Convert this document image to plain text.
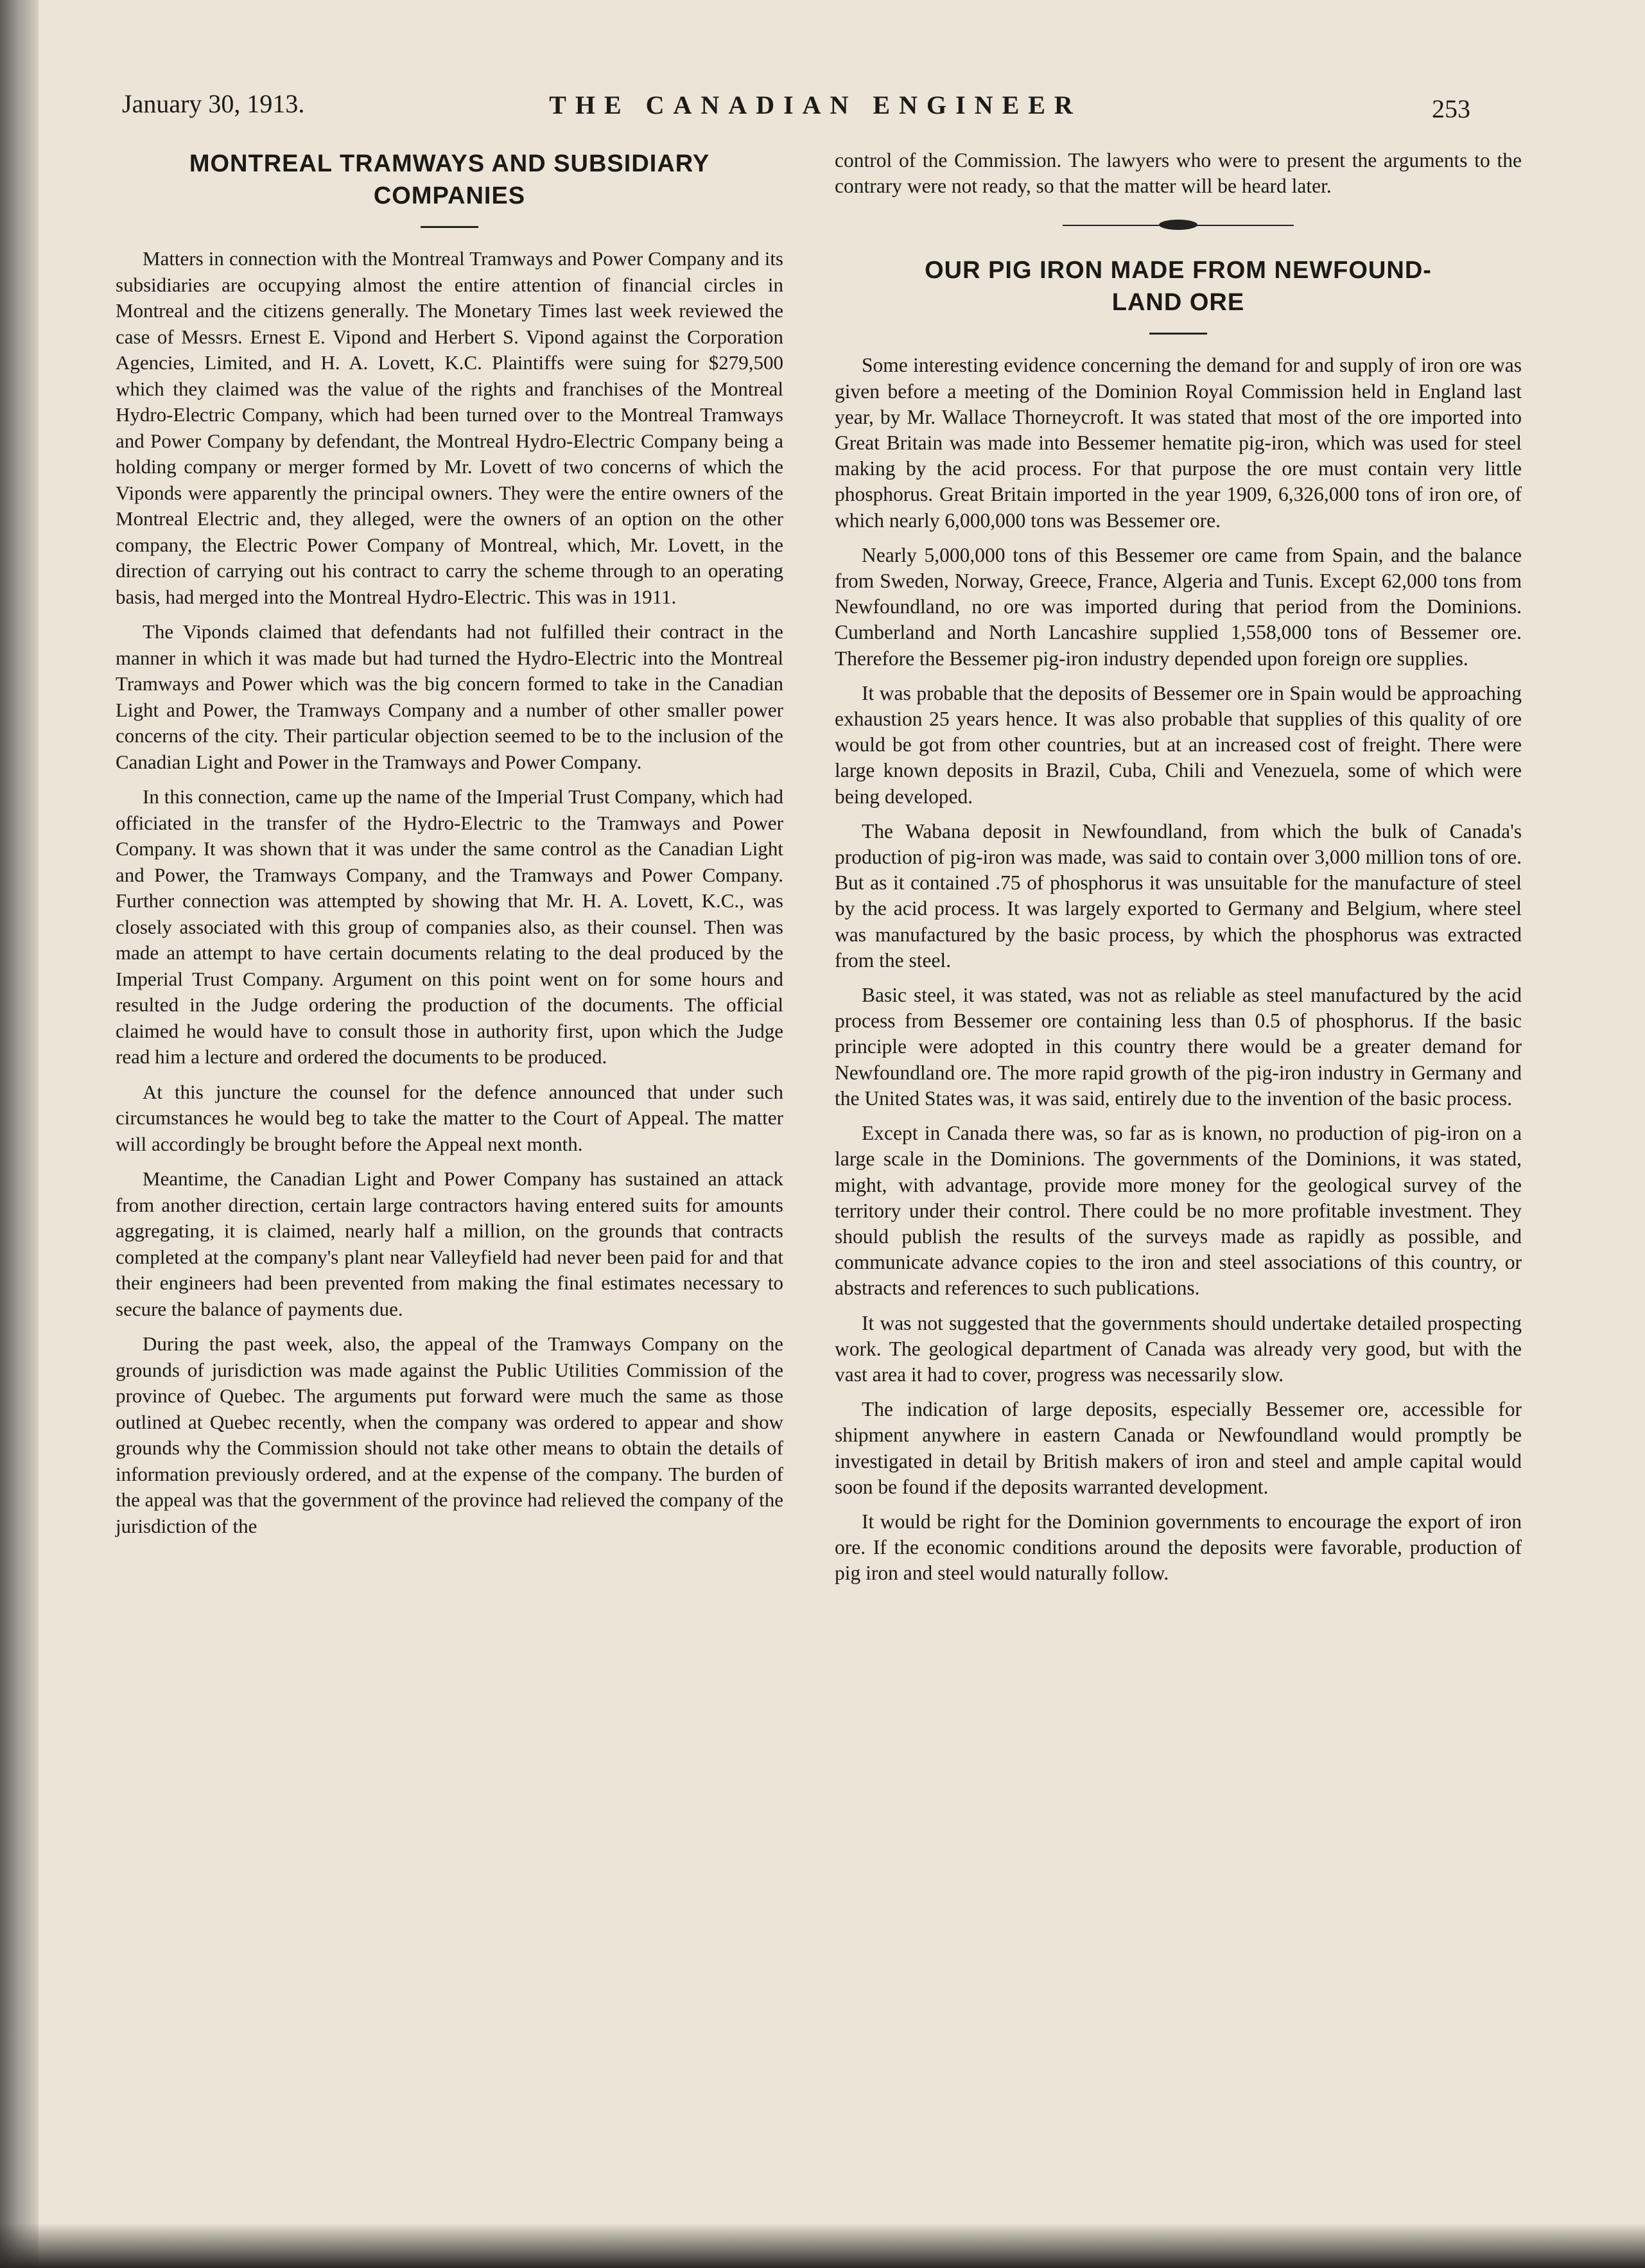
January 30, 1913.	THE CANADIAN ENGINEER	253
MONTREAL TRAMWAYS AND SUBSIDIARY
COMPANIES

Matters in connection with the Montreal Tramways and Power Company and its subsidiaries are occupying almost the entire attention of financial circles in Montreal and the citizens generally. The Monetary Times last week reviewed the case of Messrs. Ernest E. Vipond and Herbert S. Vipond against the Corporation Agencies, Limited, and H. A. Lovett, K.C. Plaintiffs were suing for $279,500 which they claimed was the value of the rights and franchises of the Montreal Hydro-Electric Company, which had been turned over to the Montreal Tramways and Power Company by defendant, the Montreal Hydro-Electric Company being a holding company or merger formed by Mr. Lovett of two concerns of which the Viponds were apparently the principal owners. They were the entire owners of the Montreal Electric and, they alleged, were the owners of an option on the other company, the Electric Power Company of Montreal, which, Mr. Lovett, in the direction of carrying out his contract to carry the scheme through to an operating basis, had merged into the Montreal Hydro-Electric. This was in 1911.

The Viponds claimed that defendants had not fulfilled their contract in the manner in which it was made but had turned the Hydro-Electric into the Montreal Tramways and Power which was the big concern formed to take in the Canadian Light and Power, the Tramways Company and a number of other smaller power concerns of the city. Their particular objection seemed to be to the inclusion of the Canadian Light and Power in the Tramways and Power Company.

In this connection, came up the name of the Imperial Trust Company, which had officiated in the transfer of the Hydro-Electric to the Tramways and Power Company. It was shown that it was under the same control as the Canadian Light and Power, the Tramways Company, and the Tramways and Power Company. Further connection was attempted by showing that Mr. H. A. Lovett, K.C., was closely associated with this group of companies also, as their counsel. Then was made an attempt to have certain documents relating to the deal produced by the Imperial Trust Company. Argument on this point went on for some hours and resulted in the Judge ordering the production of the documents. The official claimed he would have to consult those in authority first, upon which the Judge read him a lecture and ordered the documents to be produced.

At this juncture the counsel for the defence announced that under such circumstances he would beg to take the matter to the Court of Appeal. The matter will accordingly be brought before the Appeal next month.

Meantime, the Canadian Light and Power Company has sustained an attack from another direction, certain large contractors having entered suits for amounts aggregating, it is claimed, nearly half a million, on the grounds that contracts completed at the company's plant near Valleyfield had never been paid for and that their engineers had been prevented from making the final estimates necessary to secure the balance of payments due.

During the past week, also, the appeal of the Tramways Company on the grounds of jurisdiction was made against the Public Utilities Commission of the province of Quebec. The arguments put forward were much the same as those outlined at Quebec recently, when the company was ordered to appear and show grounds why the Commission should not take other means to obtain the details of information previously ordered, and at the expense of the company. The burden of the appeal was that the government of the province had relieved the company of the jurisdiction of the

control of the Commission. The lawyers who were to present the arguments to the contrary were not ready, so that the matter will be heard later.

OUR PIG IRON MADE FROM NEWFOUND-
LAND ORE

Some interesting evidence concerning the demand for and supply of iron ore was given before a meeting of the Dominion Royal Commission held in England last year, by Mr. Wallace Thorneycroft. It was stated that most of the ore imported into Great Britain was made into Bessemer hematite pig-iron, which was used for steel making by the acid process. For that purpose the ore must contain very little phosphorus. Great Britain imported in the year 1909, 6,326,000 tons of iron ore, of which nearly 6,000,000 tons was Bessemer ore.

Nearly 5,000,000 tons of this Bessemer ore came from Spain, and the balance from Sweden, Norway, Greece, France, Algeria and Tunis. Except 62,000 tons from Newfoundland, no ore was imported during that period from the Dominions. Cumberland and North Lancashire supplied 1,558,000 tons of Bessemer ore. Therefore the Bessemer pig-iron industry depended upon foreign ore supplies.

It was probable that the deposits of Bessemer ore in Spain would be approaching exhaustion 25 years hence. It was also probable that supplies of this quality of ore would be got from other countries, but at an increased cost of freight. There were large known deposits in Brazil, Cuba, Chili and Venezuela, some of which were being developed.

The Wabana deposit in Newfoundland, from which the bulk of Canada's production of pig-iron was made, was said to contain over 3,000 million tons of ore. But as it contained .75 of phosphorus it was unsuitable for the manufacture of steel by the acid process. It was largely exported to Germany and Belgium, where steel was manufactured by the basic process, by which the phosphorus was extracted from the steel.

Basic steel, it was stated, was not as reliable as steel manufactured by the acid process from Bessemer ore containing less than 0.5 of phosphorus. If the basic principle were adopted in this country there would be a greater demand for Newfoundland ore. The more rapid growth of the pig-iron industry in Germany and the United States was, it was said, entirely due to the invention of the basic process.

Except in Canada there was, so far as is known, no production of pig-iron on a large scale in the Dominions. The governments of the Dominions, it was stated, might, with advantage, provide more money for the geological survey of the territory under their control. There could be no more profitable investment. They should publish the results of the surveys made as rapidly as possible, and communicate advance copies to the iron and steel associations of this country, or abstracts and references to such publications.

It was not suggested that the governments should undertake detailed prospecting work. The geological department of Canada was already very good, but with the vast area it had to cover, progress was necessarily slow.

The indication of large deposits, especially Bessemer ore, accessible for shipment anywhere in eastern Canada or Newfoundland would promptly be investigated in detail by British makers of iron and steel and ample capital would soon be found if the deposits warranted development.

It would be right for the Dominion governments to encourage the export of iron ore. If the economic conditions around the deposits were favorable, production of pig iron and steel would naturally follow.
